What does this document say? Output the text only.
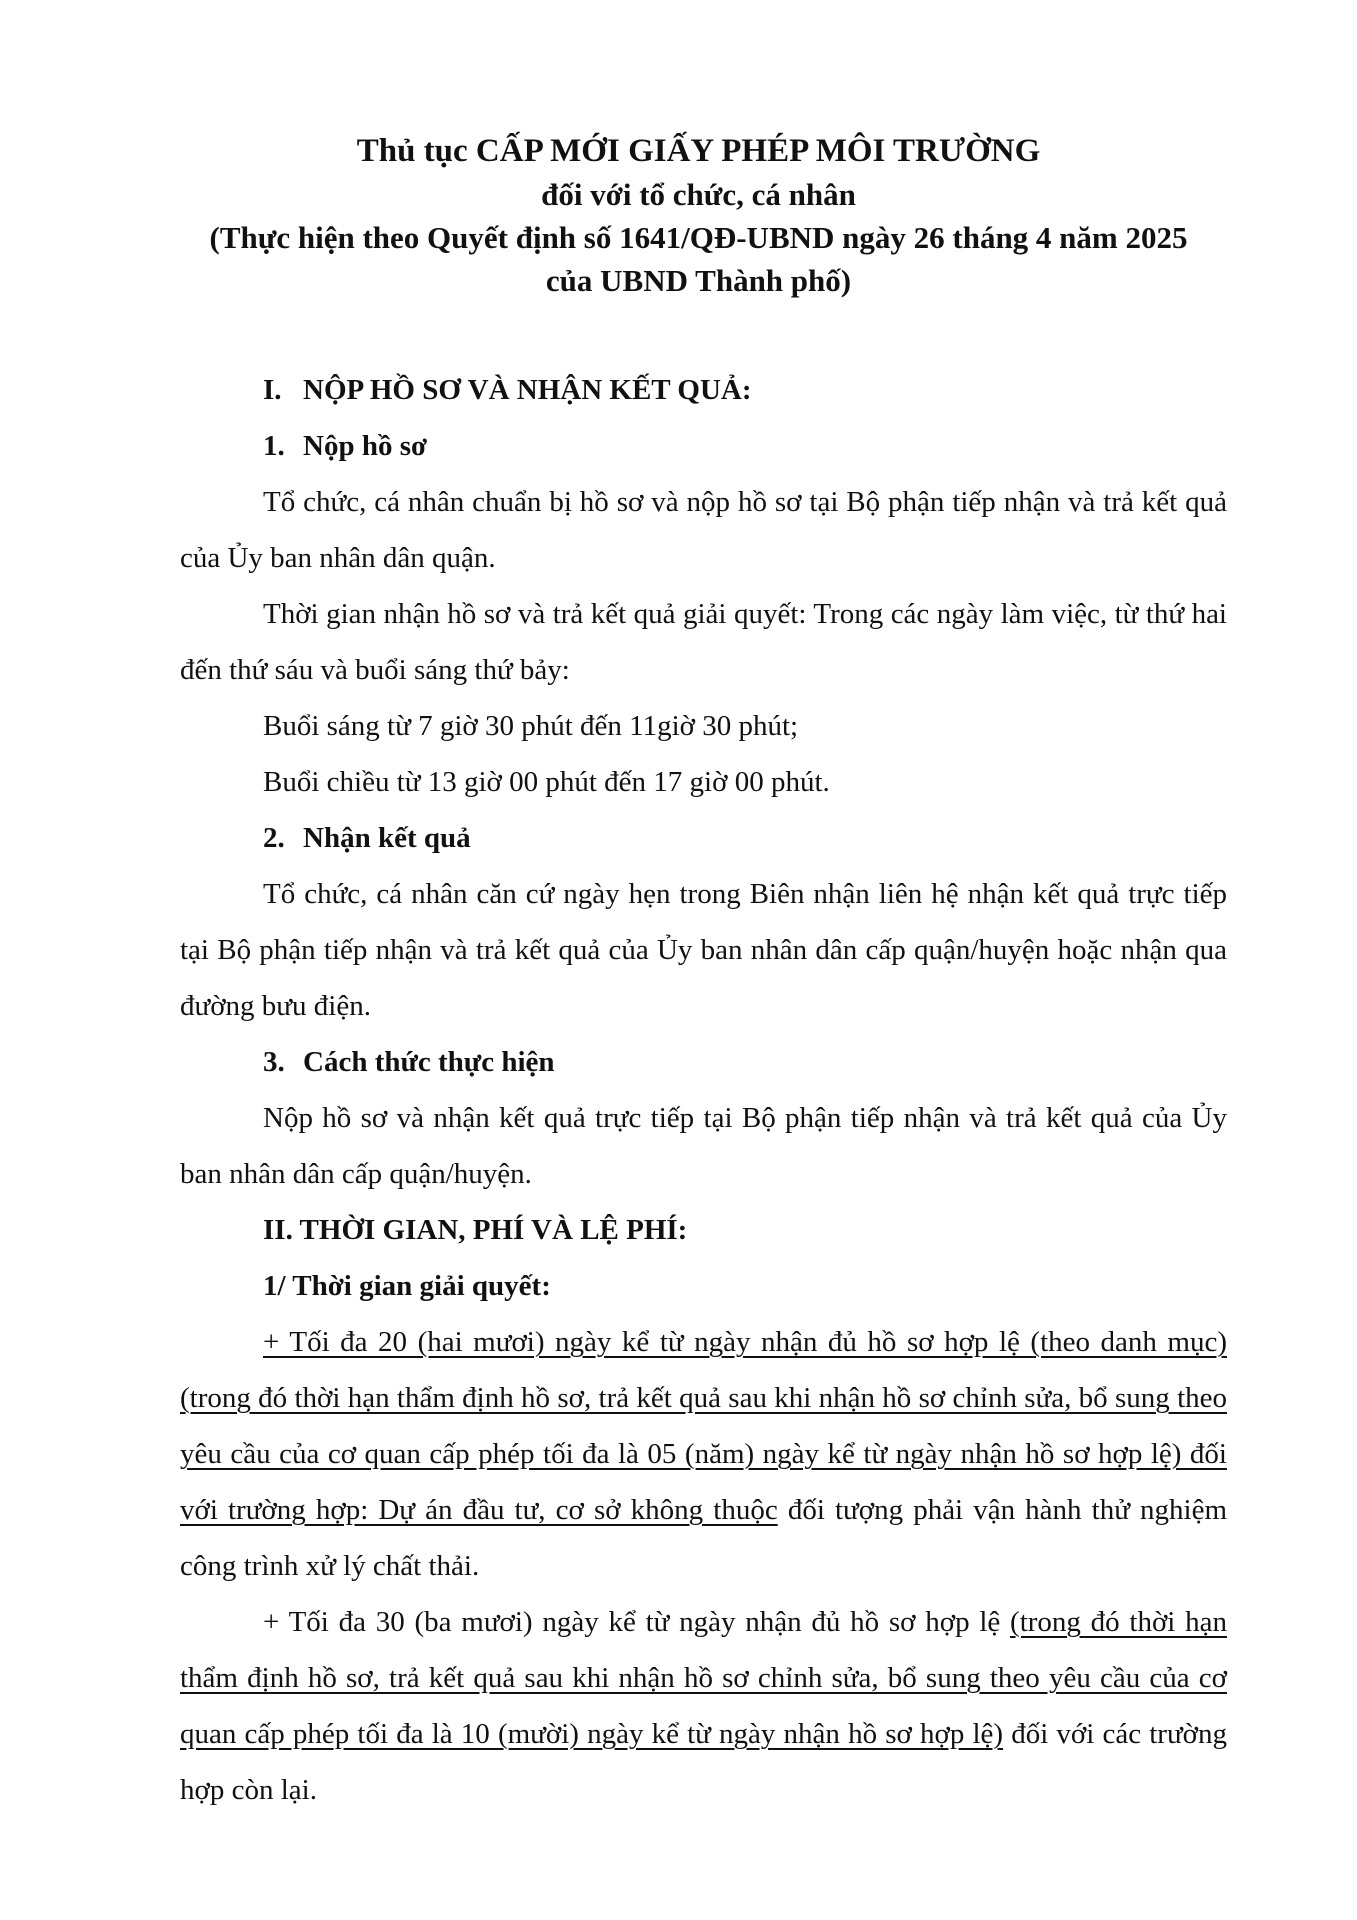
Thủ tục CẤP MỚI GIẤY PHÉP MÔI TRƯỜNG
đối với tổ chức, cá nhân
(Thực hiện theo Quyết định số 1641/QĐ-UBND ngày 26 tháng 4 năm 2025
của UBND Thành phố)

I. NỘP HỒ SƠ VÀ NHẬN KẾT QUẢ:

1. Nộp hồ sơ

Tổ chức, cá nhân chuẩn bị hồ sơ và nộp hồ sơ tại Bộ phận tiếp nhận và trả kết quả của Ủy ban nhân dân quận.

Thời gian nhận hồ sơ và trả kết quả giải quyết: Trong các ngày làm việc, từ thứ hai đến thứ sáu và buổi sáng thứ bảy:

Buổi sáng từ 7 giờ 30 phút đến 11giờ 30 phút;

Buổi chiều từ 13 giờ 00 phút đến 17 giờ 00 phút.

2. Nhận kết quả

Tổ chức, cá nhân căn cứ ngày hẹn trong Biên nhận liên hệ nhận kết quả trực tiếp tại Bộ phận tiếp nhận và trả kết quả của Ủy ban nhân dân cấp quận/huyện hoặc nhận qua đường bưu điện.

3. Cách thức thực hiện

Nộp hồ sơ và nhận kết quả trực tiếp tại Bộ phận tiếp nhận và trả kết quả của Ủy ban nhân dân cấp quận/huyện.

II. THỜI GIAN, PHÍ VÀ LỆ PHÍ:

1/ Thời gian giải quyết:

+ Tối đa 20 (hai mươi) ngày kể từ ngày nhận đủ hồ sơ hợp lệ (theo danh mục) (trong đó thời hạn thẩm định hồ sơ, trả kết quả sau khi nhận hồ sơ chỉnh sửa, bổ sung theo yêu cầu của cơ quan cấp phép tối đa là 05 (năm) ngày kể từ ngày nhận hồ sơ hợp lệ) đối với trường hợp: Dự án đầu tư, cơ sở không thuộc đối tượng phải vận hành thử nghiệm công trình xử lý chất thải.

+ Tối đa 30 (ba mươi) ngày kể từ ngày nhận đủ hồ sơ hợp lệ (trong đó thời hạn thẩm định hồ sơ, trả kết quả sau khi nhận hồ sơ chỉnh sửa, bổ sung theo yêu cầu của cơ quan cấp phép tối đa là 10 (mười) ngày kể từ ngày nhận hồ sơ hợp lệ) đối với các trường hợp còn lại.
